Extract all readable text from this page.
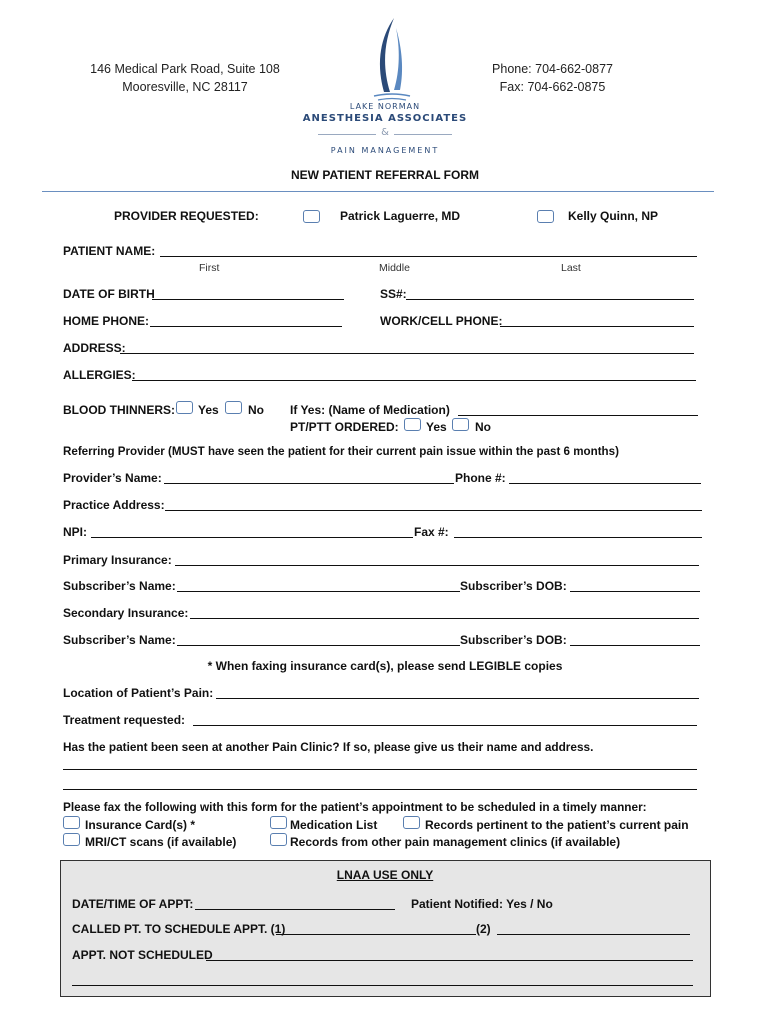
146 Medical Park Road, Suite 108
Mooresville, NC 28117
Phone: 704-662-0877
Fax: 704-662-0875
LAKE NORMAN
ANESTHESIA ASSOCIATES
&
PAIN MANAGEMENT
NEW PATIENT REFERRAL FORM
PROVIDER REQUESTED:	Patrick Laguerre, MD	Kelly Quinn, NP
PATIENT NAME:
First	Middle	Last
DATE OF BIRTH	SS#:
HOME PHONE:	WORK/CELL PHONE:
ADDRESS:
ALLERGIES:
BLOOD THINNERS: Yes No If Yes: (Name of Medication)
PT/PTT ORDERED: Yes No
Referring Provider (MUST have seen the patient for their current pain issue within the past 6 months)
Provider’s Name:	Phone #:
Practice Address:
NPI:	Fax #:
Primary Insurance:
Subscriber’s Name:	Subscriber’s DOB:
Secondary Insurance:
Subscriber’s Name:	Subscriber’s DOB:
* When faxing insurance card(s), please send LEGIBLE copies
Location of Patient’s Pain:
Treatment requested:
Has the patient been seen at another Pain Clinic? If so, please give us their name and address.
Please fax the following with this form for the patient’s appointment to be scheduled in a timely manner:
Insurance Card(s) *	Medication List	Records pertinent to the patient’s current pain
MRI/CT scans (if available)	Records from other pain management clinics (if available)
LNAA USE ONLY
DATE/TIME OF APPT:	Patient Notified: Yes / No
CALLED PT. TO SCHEDULE APPT. (1)	(2)
APPT. NOT SCHEDULED
